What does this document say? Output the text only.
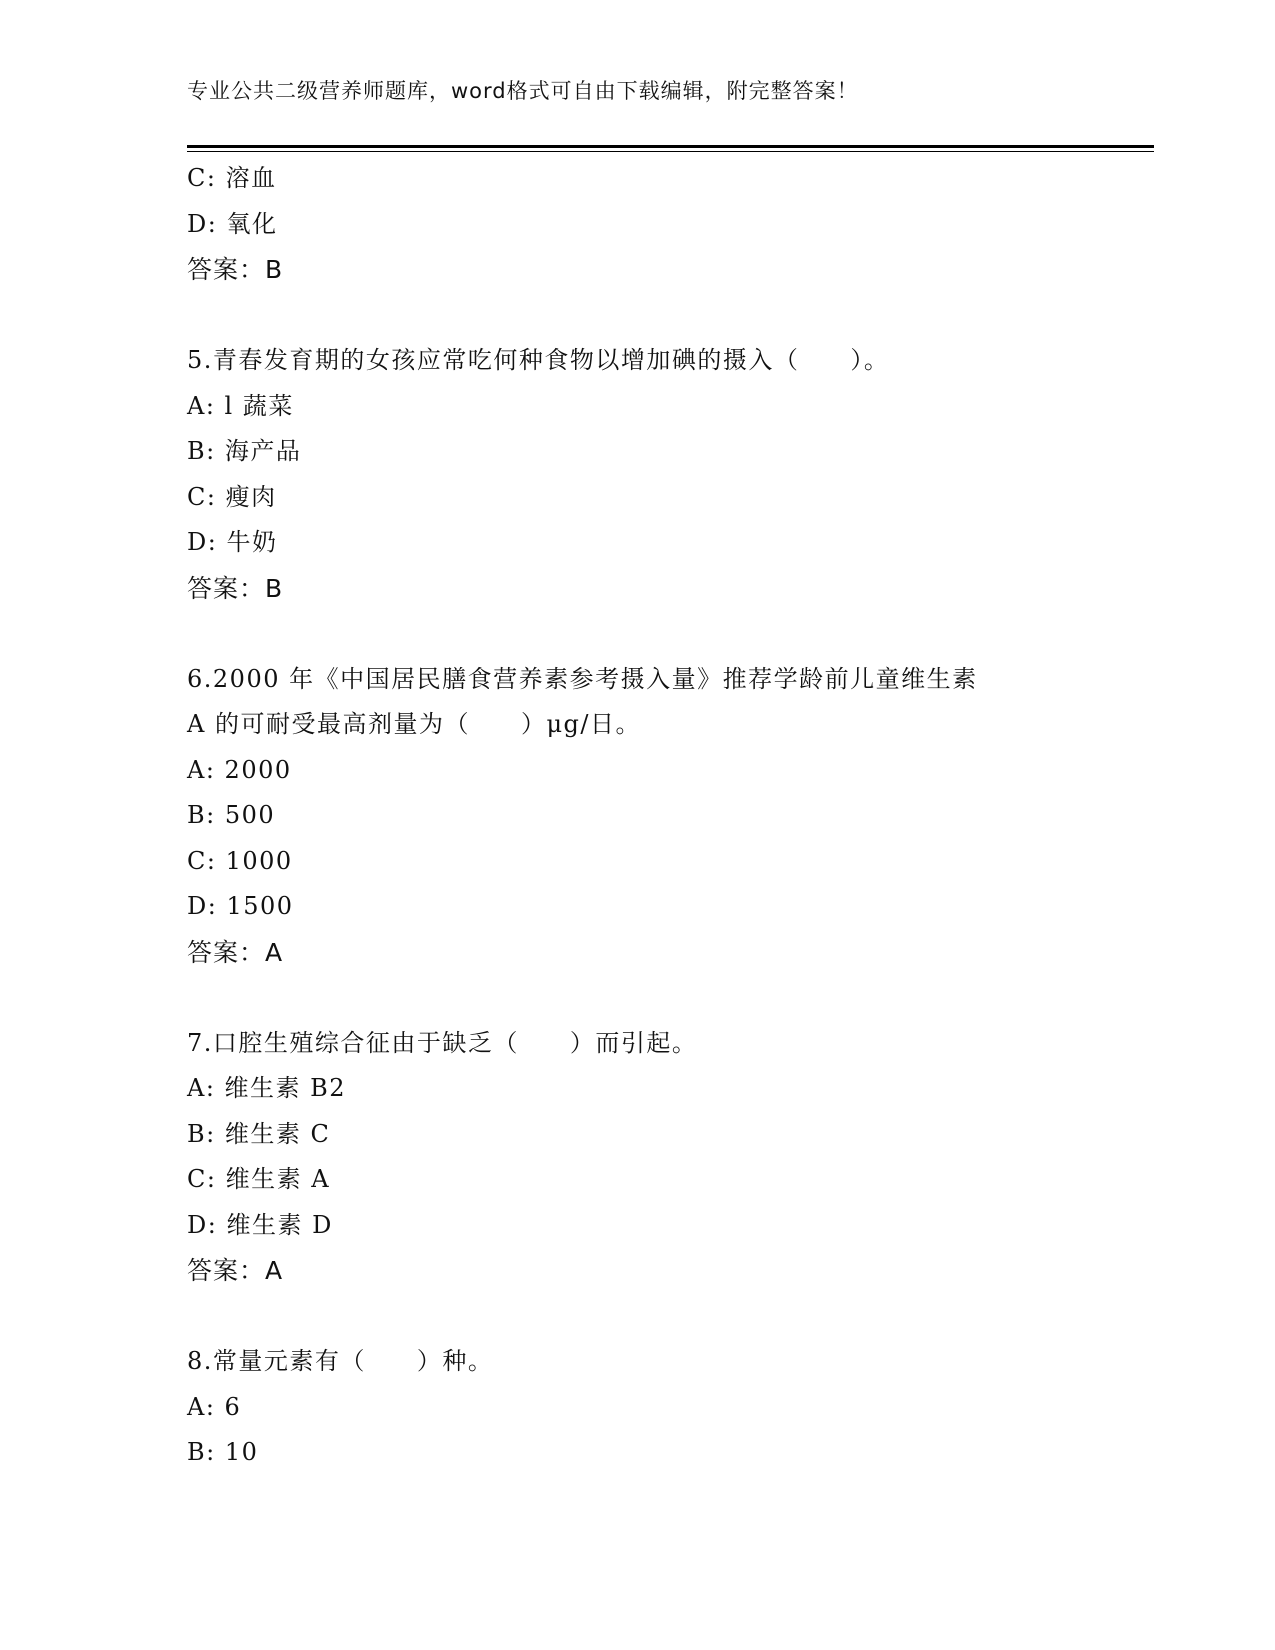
专业公共二级营养师题库，word格式可自由下载编辑，附完整答案！
C: 溶血
D: 氧化
答案：B
5.青春发育期的女孩应常吃何种食物以增加碘的摄入（　　）。
A: l 蔬菜
B: 海产品
C: 瘦肉
D: 牛奶
答案：B
6.2000 年《中国居民膳食营养素参考摄入量》推荐学龄前儿童维生素
A 的可耐受最高剂量为（　　）μg/日。
A: 2000
B: 500
C: 1000
D: 1500
答案：A
7.口腔生殖综合征由于缺乏（　　）而引起。
A: 维生素 B2
B: 维生素 C
C: 维生素 A
D: 维生素 D
答案：A
8.常量元素有（　　）种。
A: 6
B: 10
